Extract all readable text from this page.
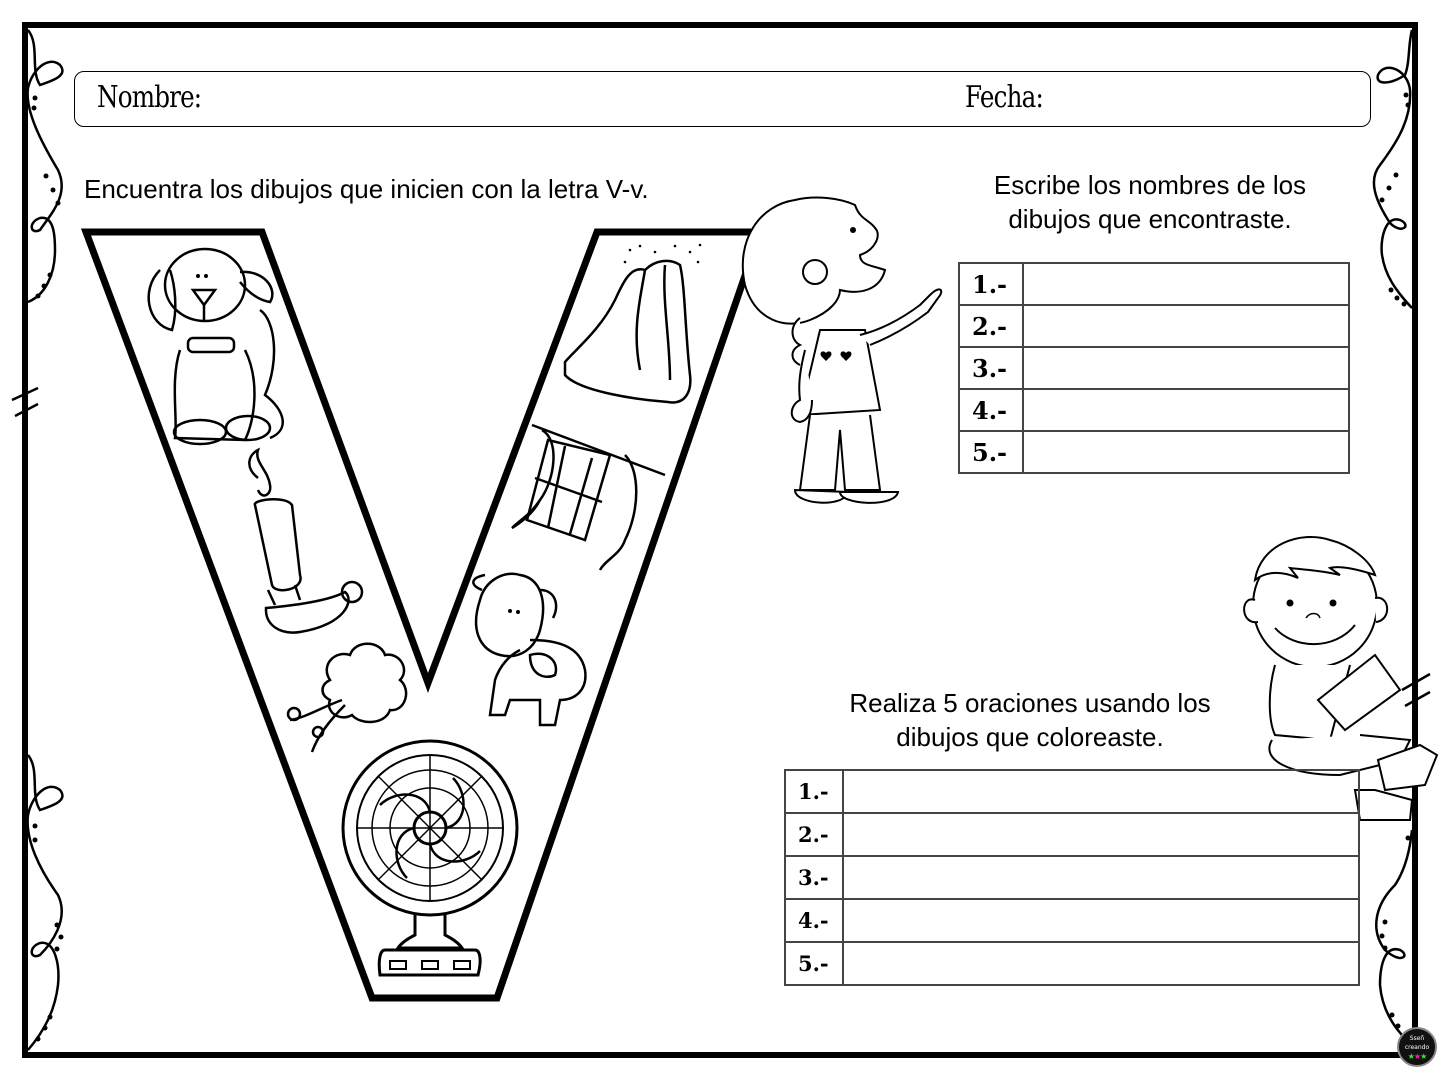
Nombre:	Fecha:
Encuentra los dibujos que inicien con la letra V-v.	Escribe los nombres de los
dibujos que encontraste.
Realiza 5 oraciones usando los
dibujos que coloreaste.
1.-	
2.-	
3.-	
4.-	
5.-	
1.-	
2.-	
3.-	
4.-	
5.-	
Sseñ
creando
★★★
